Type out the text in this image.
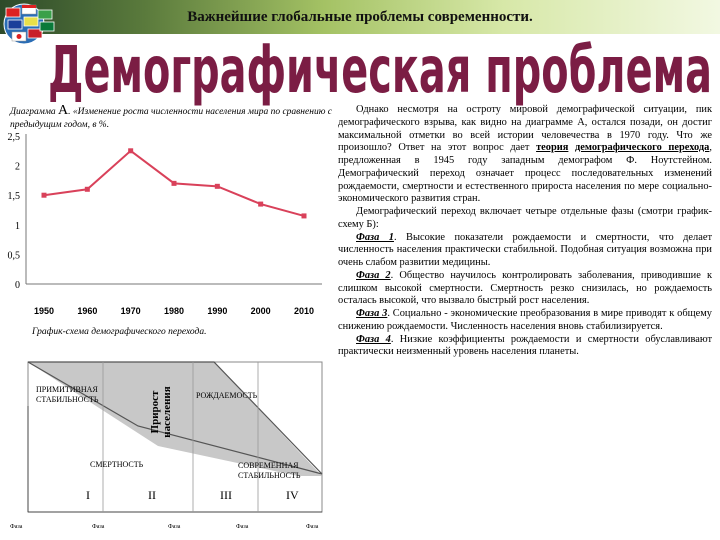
Важнейшие глобальные проблемы современности.
Демографическая проблема
Диаграмма А. «Изменение роста численности населения мира по сравнению с предыдущим годом, в %.
0
0,5
1
1,5
2
2,5
1950	1960	1970	1980	1990	2000	2010
График-схема демографического перехода.
ПРИМИТИВНАЯ
СТАБИЛЬНОСТЬ	Прирост населения	РОЖДАЕМОСТЬ
СМЕРТНОСТЬ	СОВРЕМЕННАЯ
СТАБИЛЬНОСТЬ
I	II	III	IV
Фаза	Фаза	Фаза	Фаза	Фаза

Однако несмотря на остроту мировой демографической ситуации, пик демографического взрыва, как видно на диаграмме А, остался позади, он достиг максимальной отметки во всей истории человечества в 1970 году. Что же произошло? Ответ на этот вопрос дает теория демографического перехода, предложенная в 1945 году западным демографом Ф. Ноутстейном. Демографический переход означает процесс последовательных изменений рождаемости, смертности и естественного прироста населения по мере социально-экономического развития стран.

Демографический переход включает четыре отдельные фазы (смотри график-схему Б):

Фаза 1. Высокие показатели рождаемости и смертности, что делает численность населения практически стабильной. Подобная ситуация возможна при очень слабом развитии медицины.

Фаза 2. Общество научилось контролировать заболевания, приводившие к слишком высокой смертности. Смертность резко снизилась, но рождаемость осталась высокой, что вызвало быстрый рост населения.

Фаза 3. Социально - экономические преобразования в мире приводят к общему снижению рождаемости. Численность населения вновь стабилизируется.

Фаза 4. Низкие коэффициенты рождаемости и смертности обуславливают практически неизменный уровень населения планеты.
